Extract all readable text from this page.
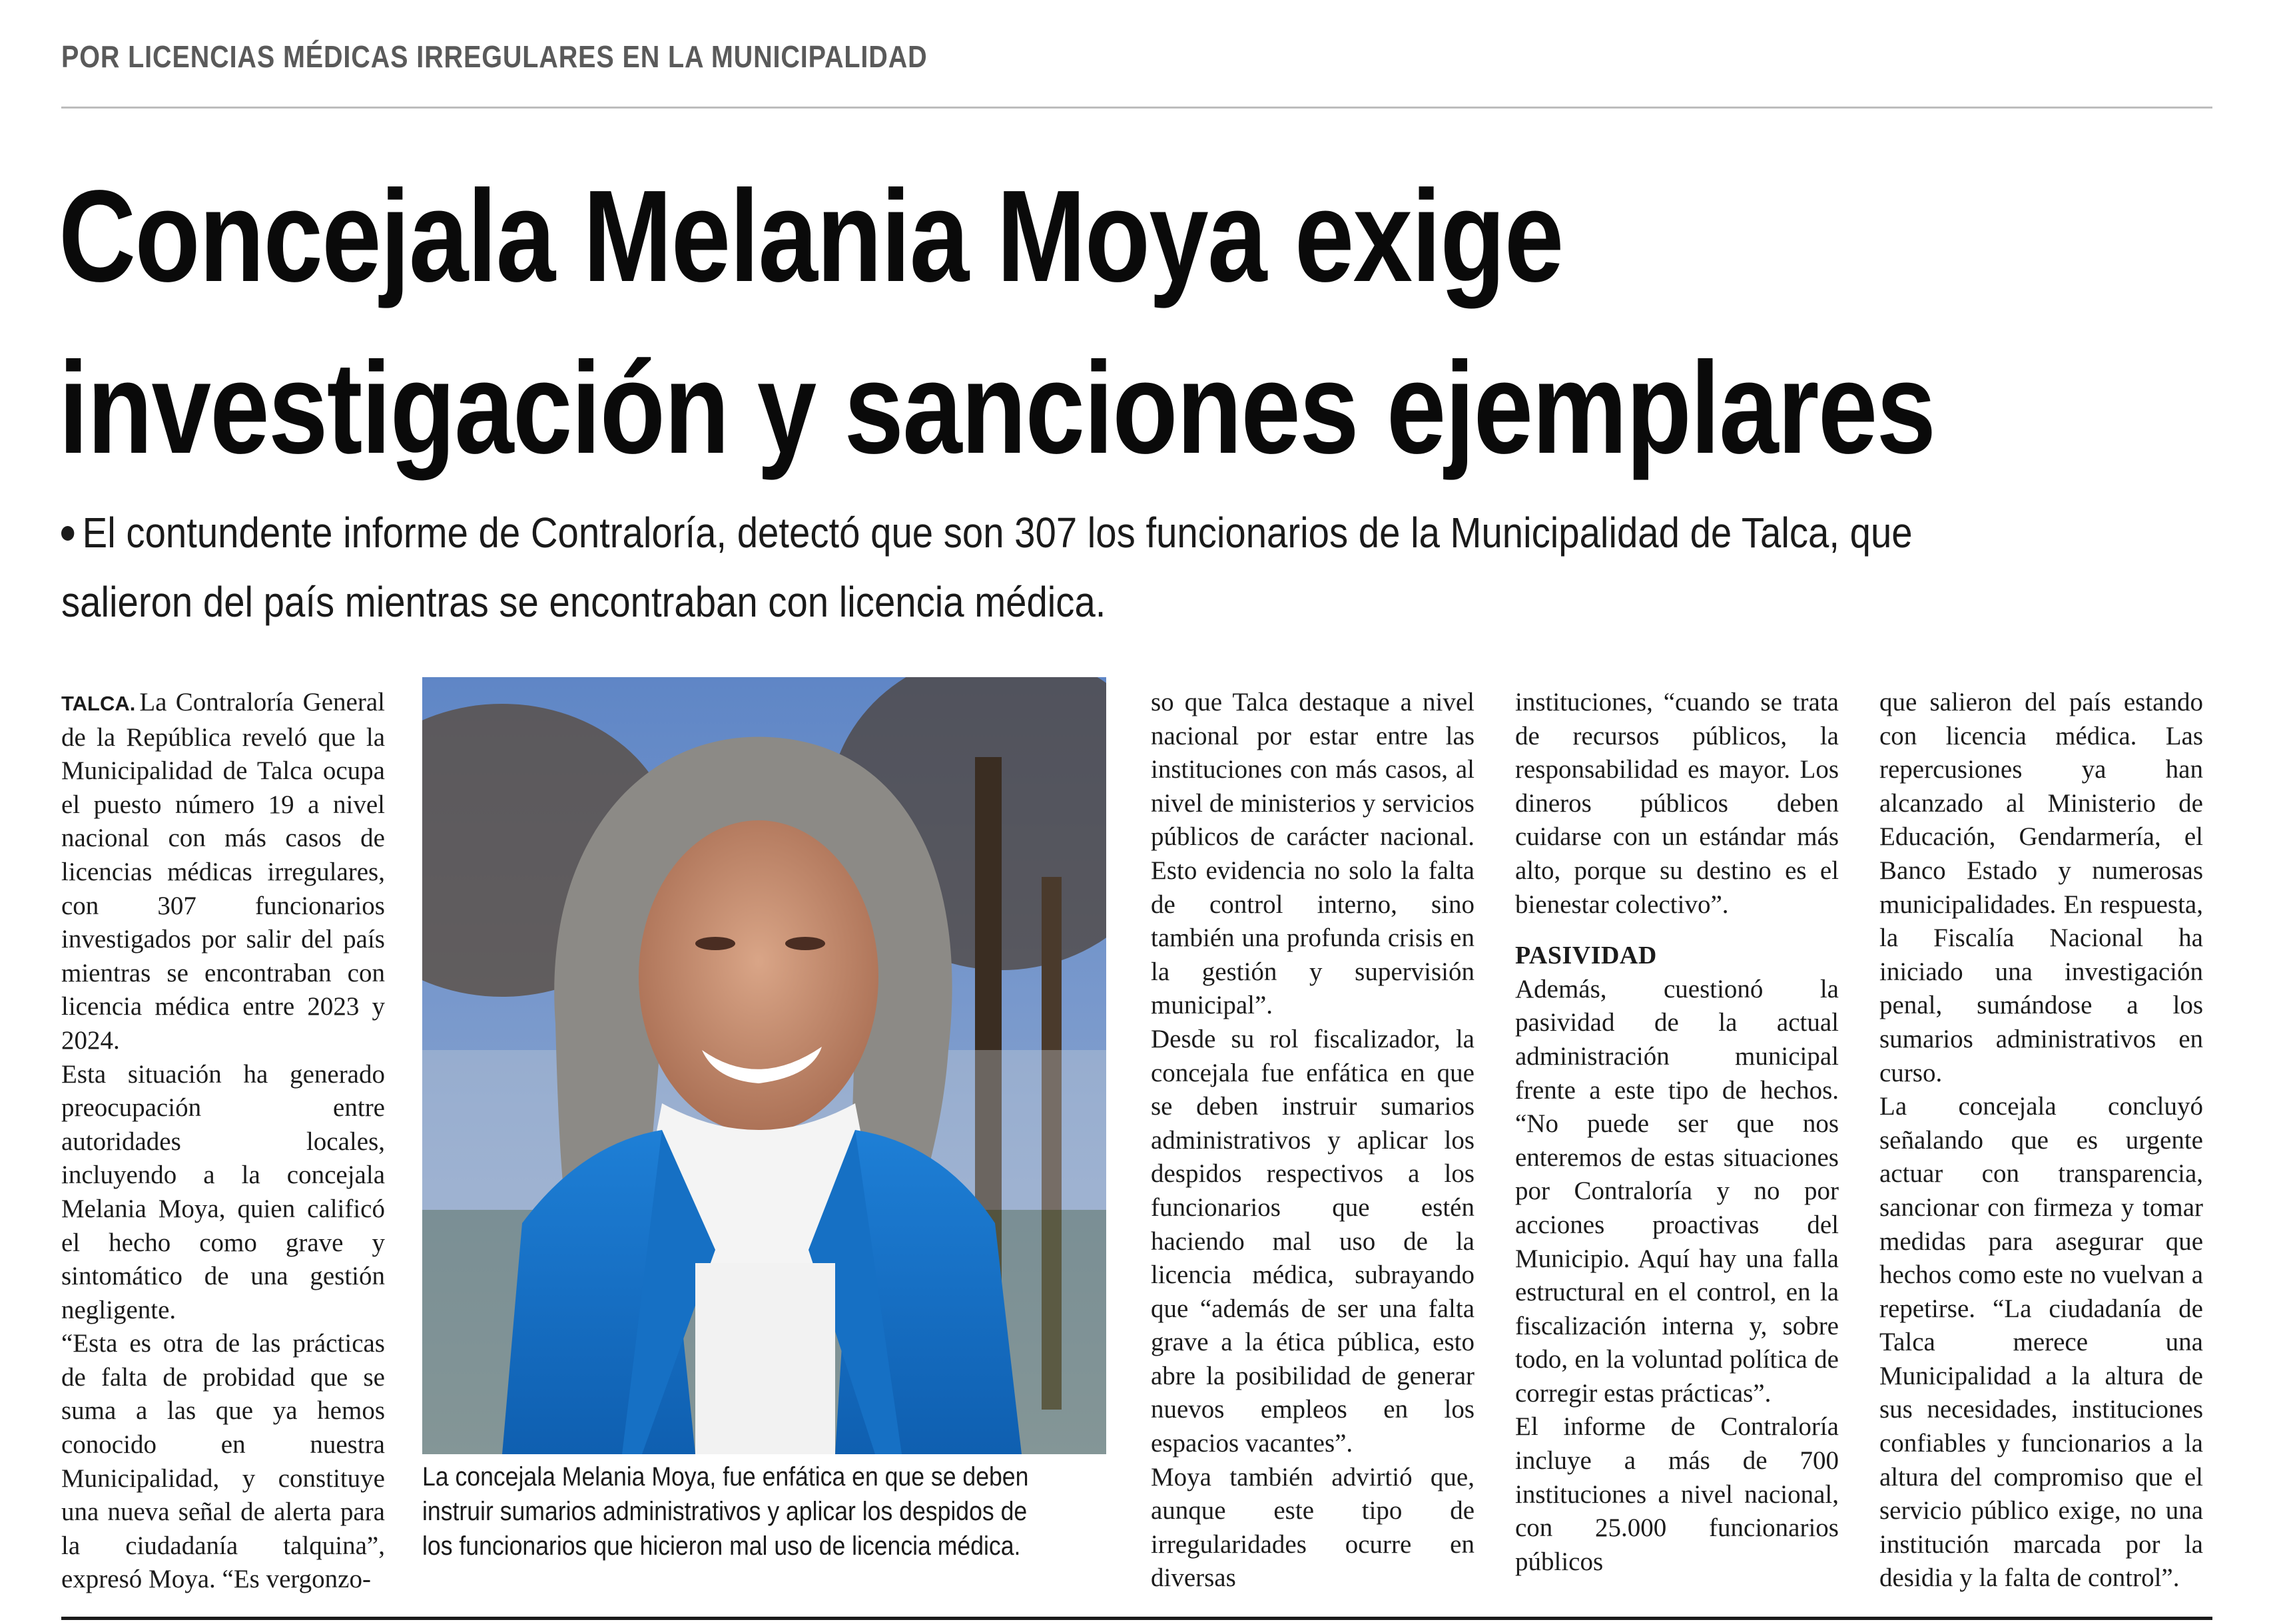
POR LICENCIAS MÉDICAS IRREGULARES EN LA MUNICIPALIDAD
Concejala Melania Moya exige
investigación y sanciones ejemplares
El contundente informe de Contraloría, detectó que son 307 los funcionarios de la Municipalidad de Talca, que
salieron del país mientras se encontraban con licencia médica.

TALCA. La Contraloría General de la República reveló que la Municipalidad de Talca ocupa el puesto número 19 a nivel nacional con más casos de licencias médicas irregulares, con 307 funcionarios investigados por salir del país mientras se encontraban con licencia médica entre 2023 y 2024.

Esta situación ha generado preocupación entre autoridades locales, incluyendo a la concejala Melania Moya, quien calificó el hecho como grave y sintomático de una gestión negligente.

“Esta es otra de las prácticas de falta de probidad que se suma a las que ya hemos conocido en nuestra Municipalidad, y constituye una nueva señal de alerta para la ciudadanía talquina”, expresó Moya. “Es vergonzo-

La concejala Melania Moya, fue enfática en que se deben
instruir sumarios administrativos y aplicar los despidos de
los funcionarios que hicieron mal uso de licencia médica.

so que Talca destaque a nivel nacional por estar entre las instituciones con más casos, al nivel de ministerios y servicios públicos de carácter nacional. Esto evidencia no solo la falta de control interno, sino también una profunda crisis en la gestión y supervisión municipal”.

Desde su rol fiscalizador, la concejala fue enfática en que se deben instruir sumarios administrativos y aplicar los despidos respectivos a los funcionarios que estén haciendo mal uso de la licencia médica, subrayando que “además de ser una falta grave a la ética pública, esto abre la posibilidad de generar nuevos empleos en los espacios vacantes”.

Moya también advirtió que, aunque este tipo de irregularidades ocurre en diversas

instituciones, “cuando se trata de recursos públicos, la responsabilidad es mayor. Los dineros públicos deben cuidarse con un estándar más alto, porque su destino es el bienestar colectivo”.

PASIVIDAD

Además, cuestionó la pasividad de la actual administración municipal frente a este tipo de hechos. “No puede ser que nos enteremos de estas situaciones por Contraloría y no por acciones proactivas del Municipio. Aquí hay una falla estructural en el control, en la fiscalización interna y, sobre todo, en la voluntad política de corregir estas prácticas”.

El informe de Contraloría incluye a más de 700 instituciones a nivel nacional, con 25.000 funcionarios públicos

que salieron del país estando con licencia médica. Las repercusiones ya han alcanzado al Ministerio de Educación, Gendarmería, el Banco Estado y numerosas municipalidades. En respuesta, la Fiscalía Nacional ha iniciado una investigación penal, sumándose a los sumarios administrativos en curso.

La concejala concluyó señalando que es urgente actuar con transparencia, sancionar con firmeza y tomar medidas para asegurar que hechos como este no vuelvan a repetirse. “La ciudadanía de Talca merece una Municipalidad a la altura de sus necesidades, instituciones confiables y funcionarios a la altura del compromiso que el servicio público exige, no una institución marcada por la desidia y la falta de control”.
